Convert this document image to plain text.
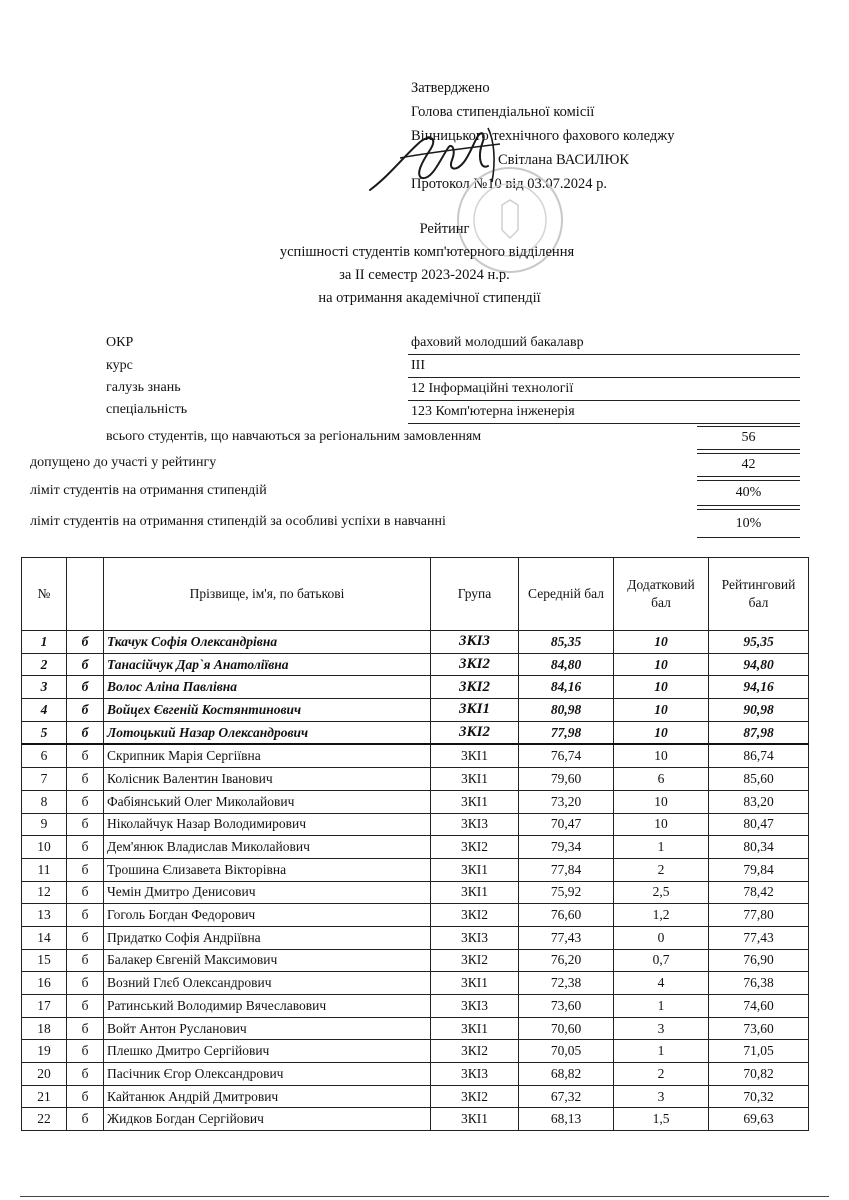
Затверджено
Голова стипендіальної комісії
Вінницького технічного фахового коледжу
Світлана ВАСИЛЮК
Протокол №10 від 03.07.2024 р.
Рейтинг
успішності студентів комп'ютерного відділення
за ІІ семестр 2023-2024 н.р.
на отримання академічної стипендії
ОКР	фаховий молодший бакалавр
курс	ІІІ
галузь знань	12 Інформаційні технології
спеціальність	123 Комп'ютерна інженерія
всього студентів, що навчаються за регіональним замовленням	56
допущено до участі у рейтингу	42
ліміт студентів на отримання стипендій	40%
ліміт студентів на отримання стипендій за особливі успіхи в навчанні	10%
№		Прізвище, ім'я, по батькові	Група	Середній бал	Додатковий бал	Рейтинговий бал
1	б	Ткачук Софія Олександрівна	3КІ3	85,35	10	95,35
2	б	Танасійчук Дар`я Анатоліївна	3КІ2	84,80	10	94,80
3	б	Волос Аліна Павлівна	3КІ2	84,16	10	94,16
4	б	Войцех Євгеній Костянтинович	3КІ1	80,98	10	90,98
5	б	Лотоцький Назар Олександрович	3КІ2	77,98	10	87,98
6	б	Скрипник Марія Сергіївна	3КІ1	76,74	10	86,74
7	б	Колісник Валентин Іванович	3КІ1	79,60	6	85,60
8	б	Фабіянський Олег Миколайович	3КІ1	73,20	10	83,20
9	б	Ніколайчук Назар Володимирович	3КІ3	70,47	10	80,47
10	б	Дем'янюк Владислав Миколайович	3КІ2	79,34	1	80,34
11	б	Трошина Єлизавета Вікторівна	3КІ1	77,84	2	79,84
12	б	Чемін Дмитро Денисович	3КІ1	75,92	2,5	78,42
13	б	Гоголь Богдан Федорович	3КІ2	76,60	1,2	77,80
14	б	Придатко Софія Андріївна	3КІ3	77,43	0	77,43
15	б	Балакер Євгеній Максимович	3КІ2	76,20	0,7	76,90
16	б	Возний Глєб Олександрович	3КІ1	72,38	4	76,38
17	б	Ратинський Володимир Вячеславович	3КІ3	73,60	1	74,60
18	б	Войт Антон Русланович	3КІ1	70,60	3	73,60
19	б	Плешко Дмитро Сергійович	3КІ2	70,05	1	71,05
20	б	Пасічник Єгор Олександрович	3КІ3	68,82	2	70,82
21	б	Кайтанюк Андрій Дмитрович	3КІ2	67,32	3	70,32
22	б	Жидков Богдан Сергійович	3КІ1	68,13	1,5	69,63
